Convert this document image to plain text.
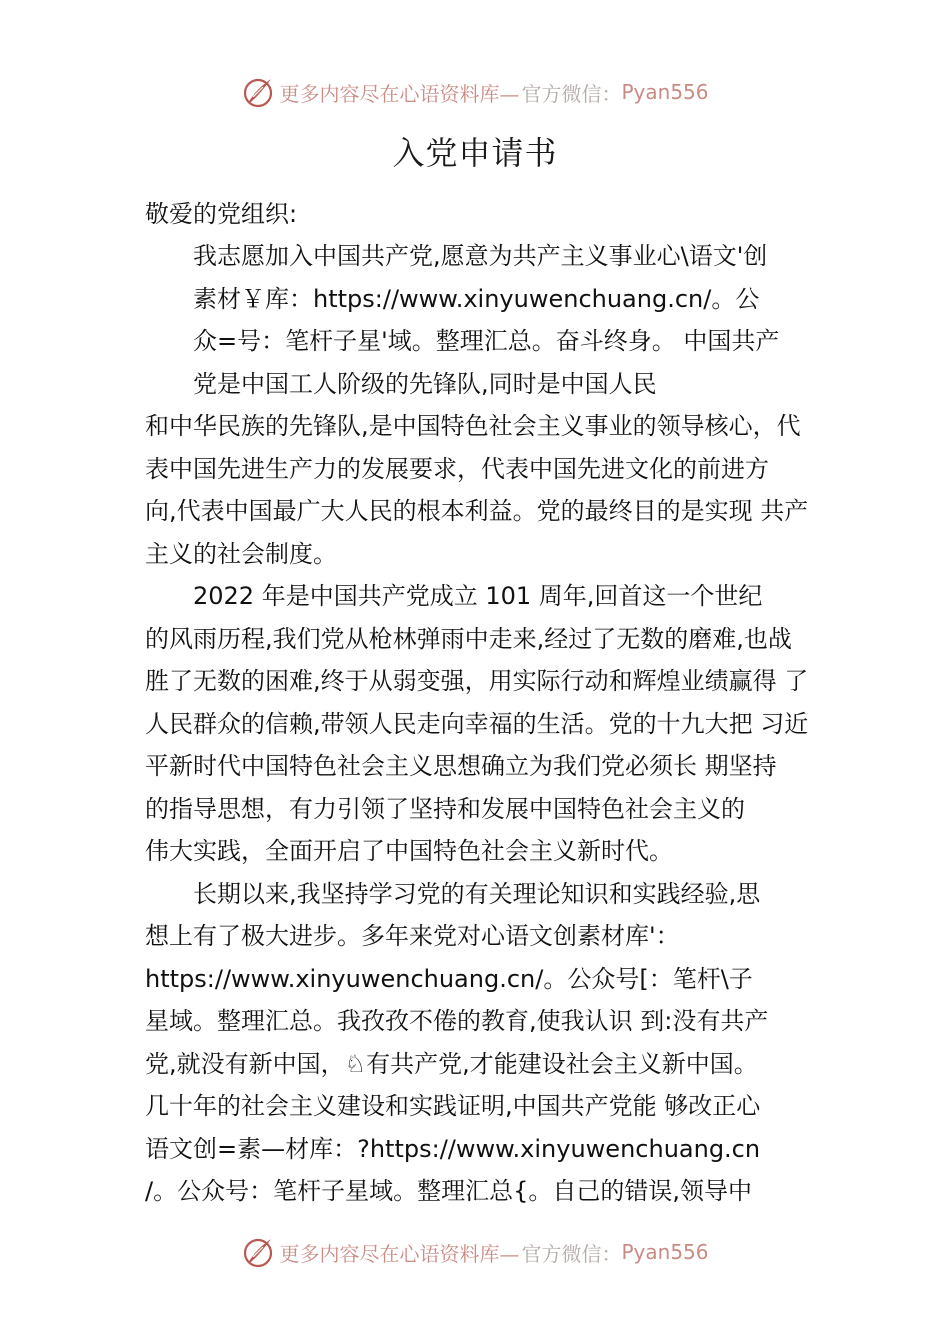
更多内容尽在心语资料库— 官方微信： Pyan556
入党申请书
敬爱的党组织:
我志愿加入中国共产党,愿意为共产主义事业心\语文'创
素材￥库：https://www.xinyuwenchuang.cn/。公
众=号：笔杆子星'域。整理汇总。奋斗终身。 中国共产
党是中国工人阶级的先锋队,同时是中国人民
和中华民族的先锋队,是中国特色社会主义事业的领导核心，代
表中国先进生产力的发展要求，代表中国先进文化的前进方
向,代表中国最广大人民的根本利益。党的最终目的是实现 共产
主义的社会制度。
2022 年是中国共产党成立 101 周年,回首这一个世纪
的风雨历程,我们党从枪林弹雨中走来,经过了无数的磨难,也战
胜了无数的困难,终于从弱变强，用实际行动和辉煌业绩赢得 了
人民群众的信赖,带领人民走向幸福的生活。党的十九大把 习近
平新时代中国特色社会主义思想确立为我们党必须长 期坚持
的指导思想，有力引领了坚持和发展中国特色社会主义的
伟大实践，全面开启了中国特色社会主义新时代。
长期以来,我坚持学习党的有关理论知识和实践经验,思
想上有了极大进步。多年来党对心语文创素材库'：
https://www.xinyuwenchuang.cn/。公众号[：笔杆\子
星域。整理汇总。我孜孜不倦的教育,使我认识 到:没有共产
党,就没有新中国，♘有共产党,才能建设社会主义新中国。
几十年的社会主义建设和实践证明,中国共产党能 够改正心
语文创=素—材库：?https://www.xinyuwenchuang.cn
/。公众号：笔杆子星域。整理汇总{。自己的错误,领导中
更多内容尽在心语资料库— 官方微信： Pyan556
